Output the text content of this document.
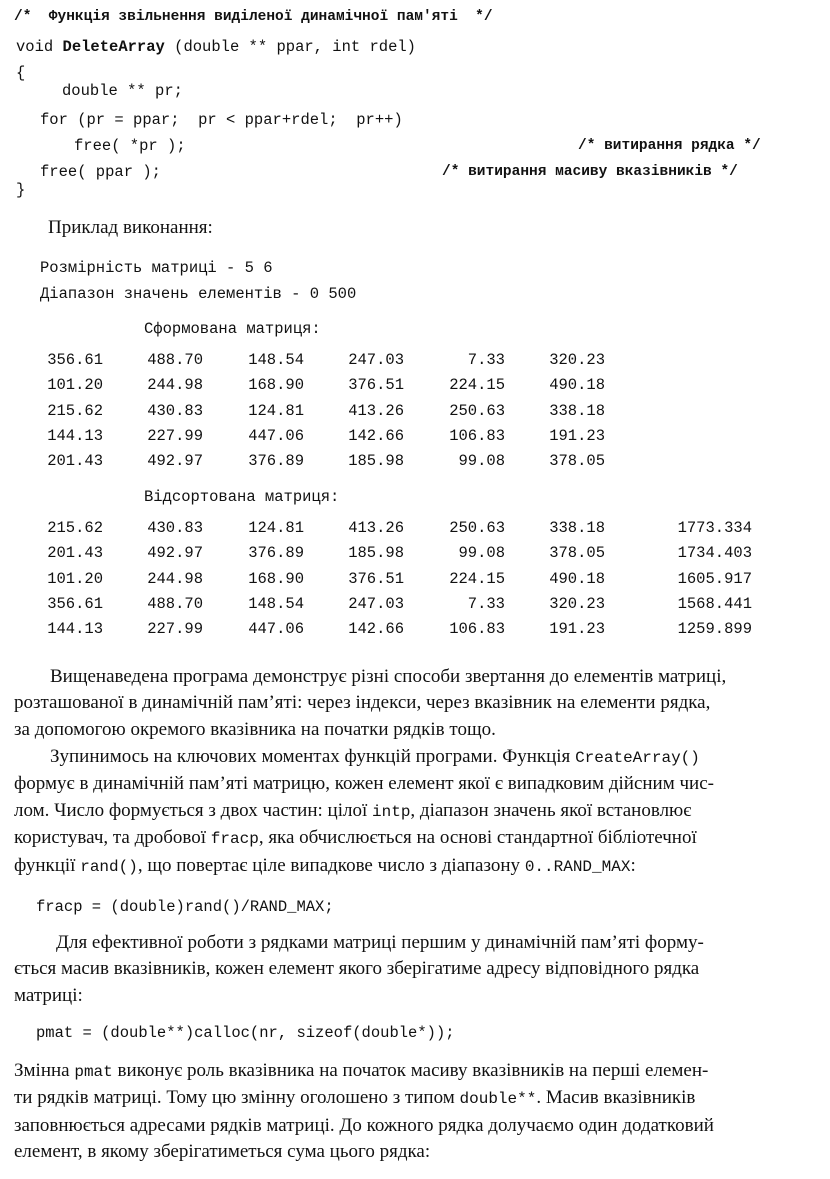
/*  Функція звільнення виділеної динамічної пам'яті  */
void DeleteArray (double ** ppar, int rdel)
{
double ** pr;
for (pr = ppar;  pr < ppar+rdel;  pr++)
free( *pr );	/* витирання рядка */
free( ppar );	/* витирання масиву вказівників */
}
Приклад виконання:
Розмірність матриці - 5 6
Діапазон значень елементів - 0 500
Сформована матриця:
356.61	488.70	148.54	247.03	7.33	320.23
101.20	244.98	168.90	376.51	224.15	490.18
215.62	430.83	124.81	413.26	250.63	338.18
144.13	227.99	447.06	142.66	106.83	191.23
201.43	492.97	376.89	185.98	99.08	378.05
Відсортована матриця:
215.62	430.83	124.81	413.26	250.63	338.18	1773.334
201.43	492.97	376.89	185.98	99.08	378.05	1734.403
101.20	244.98	168.90	376.51	224.15	490.18	1605.917
356.61	488.70	148.54	247.03	7.33	320.23	1568.441
144.13	227.99	447.06	142.66	106.83	191.23	1259.899
Вищенаведена програма демонструє різні способи звертання до елементів матриці,
розташованої в динамічній пам’яті: через індекси, через вказівник на елементи рядка,
за допомогою окремого вказівника на початки рядків тощо.
Зупинимось на ключових моментах функцій програми. Функція CreateArray()
формує в динамічній пам’яті матрицю, кожен елемент якої є випадковим дійсним чис-
лом. Число формується з двох частин: цілої intp, діапазон значень якої встановлює
користувач, та дробової fracp, яка обчислюється на основі стандартної бібліотечної
функції rand(), що повертає ціле випадкове число з діапазону 0..RAND_MAX:
fracp = (double)rand()/RAND_MAX;
Для ефективної роботи з рядками матриці першим у динамічній пам’яті форму-
ється масив вказівників, кожен елемент якого зберігатиме адресу відповідного рядка
матриці:
pmat = (double**)calloc(nr, sizeof(double*));
Змінна pmat виконує роль вказівника на початок масиву вказівників на перші елемен-
ти рядків матриці. Тому цю змінну оголошено з типом double**. Масив вказівників
заповнюється адресами рядків матриці. До кожного рядка долучаємо один додатковий
елемент, в якому зберігатиметься сума цього рядка:
